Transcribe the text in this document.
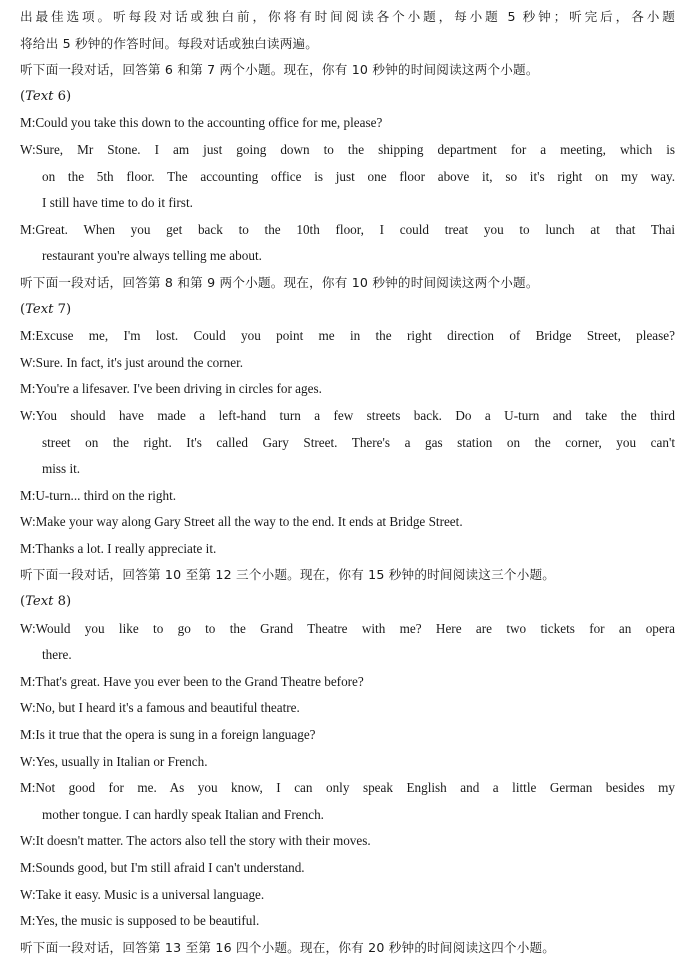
出最佳选项。听每段对话或独白前，你将有时间阅读各个小题，每小题 5 秒钟；听完后，各小题
将给出 5 秒钟的作答时间。每段对话或独白读两遍。
听下面一段对话，回答第 6 和第 7 两个小题。现在，你有 10 秒钟的时间阅读这两个小题。
(Text 6)
M:Could you take this down to the accounting office for me, please?
W:Sure, Mr Stone. I am just going down to the shipping department for a meeting, which is
on the 5th floor. The accounting office is just one floor above it, so it's right on my way.
I still have time to do it first.
M:Great. When you get back to the 10th floor, I could treat you to lunch at that Thai
restaurant you're always telling me about.
听下面一段对话，回答第 8 和第 9 两个小题。现在，你有 10 秒钟的时间阅读这两个小题。
(Text 7)
M:Excuse me, I'm lost. Could you point me in the right direction of Bridge Street, please?
W:Sure. In fact, it's just around the corner.
M:You're a lifesaver. I've been driving in circles for ages.
W:You should have made a left-hand turn a few streets back. Do a U-turn and take the third
street on the right. It's called Gary Street. There's a gas station on the corner, you can't
miss it.
M:U-turn... third on the right.
W:Make your way along Gary Street all the way to the end. It ends at Bridge Street.
M:Thanks a lot. I really appreciate it.
听下面一段对话，回答第 10 至第 12 三个小题。现在，你有 15 秒钟的时间阅读这三个小题。
(Text 8)
W:Would you like to go to the Grand Theatre with me? Here are two tickets for an opera
there.
M:That's great. Have you ever been to the Grand Theatre before?
W:No, but I heard it's a famous and beautiful theatre.
M:Is it true that the opera is sung in a foreign language?
W:Yes, usually in Italian or French.
M:Not good for me. As you know, I can only speak English and a little German besides my
mother tongue. I can hardly speak Italian and French.
W:It doesn't matter. The actors also tell the story with their moves.
M:Sounds good, but I'm still afraid I can't understand.
W:Take it easy. Music is a universal language.
M:Yes, the music is supposed to be beautiful.
听下面一段对话，回答第 13 至第 16 四个小题。现在，你有 20 秒钟的时间阅读这四个小题。
